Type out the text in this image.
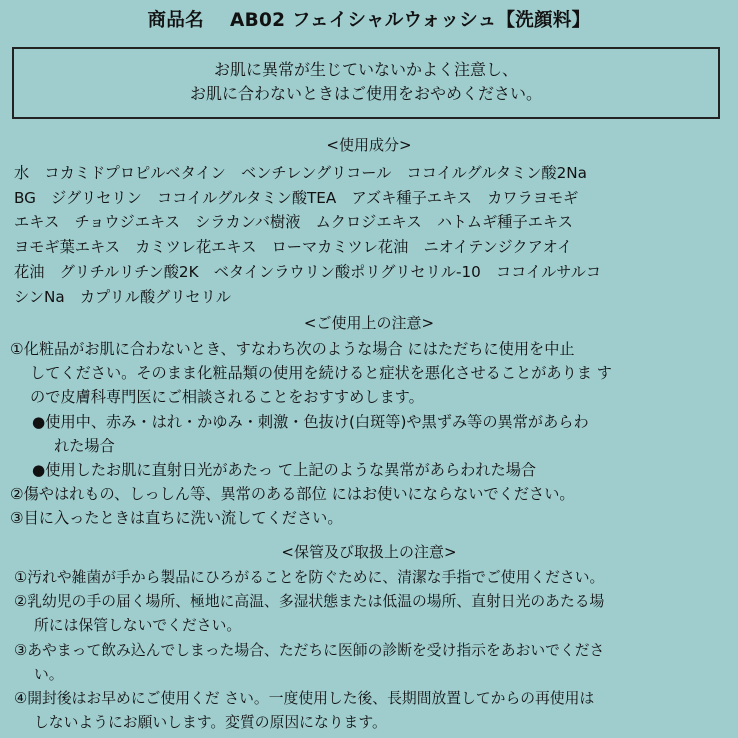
商品名 AB02 フェイシャルウォッシュ【洗顔料】
お肌に異常が生じていないかよく注意し、
お肌に合わないときはご使用をおやめください。
<使用成分>
水　コカミドプロピルベタイン　ベンチレングリコール　ココイルグルタミン酸2Na
BG　ジグリセリン　ココイルグルタミン酸TEA　アズキ種子エキス　カワラヨモギ
エキス　チョウジエキス　シラカンバ樹液　ムクロジエキス　ハトムギ種子エキス
ヨモギ葉エキス　カミツレ花エキス　ローマカミツレ花油　ニオイテンジクアオイ
花油　グリチルリチン酸2K　ベタインラウリン酸ポリグリセリル-10　ココイルサルコ
シンNa　カプリル酸グリセリル
<ご使用上の注意>
①化粧品がお肌に合わないとき、すなわち次のような場合 にはただちに使用を中止
してください。そのまま化粧品類の使用を続けると症状を悪化させることがありま す
ので皮膚科専門医にご相談されることをおすすめします。
●使用中、赤み・はれ・かゆみ・刺激・色抜け(白斑等)や黒ずみ等の異常があらわ
れた場合
●使用したお肌に直射日光があたっ て上記のような異常があらわれた場合
②傷やはれもの、しっしん等、異常のある部位 にはお使いにならないでください。
③目に入ったときは直ちに洗い流してください。
<保管及び取扱上の注意>
①汚れや雑菌が手から製品にひろがることを防ぐために、清潔な手指でご使用ください。
②乳幼児の手の届く場所、極地に高温、多湿状態または低温の場所、直射日光のあたる場
所には保管しないでください。
③あやまって飲み込んでしまった場合、ただちに医師の診断を受け指示をあおいでくださ
い。
④開封後はお早めにご使用くだ さい。一度使用した後、長期間放置してからの再使用は
しないようにお願いします。変質の原因になります。
